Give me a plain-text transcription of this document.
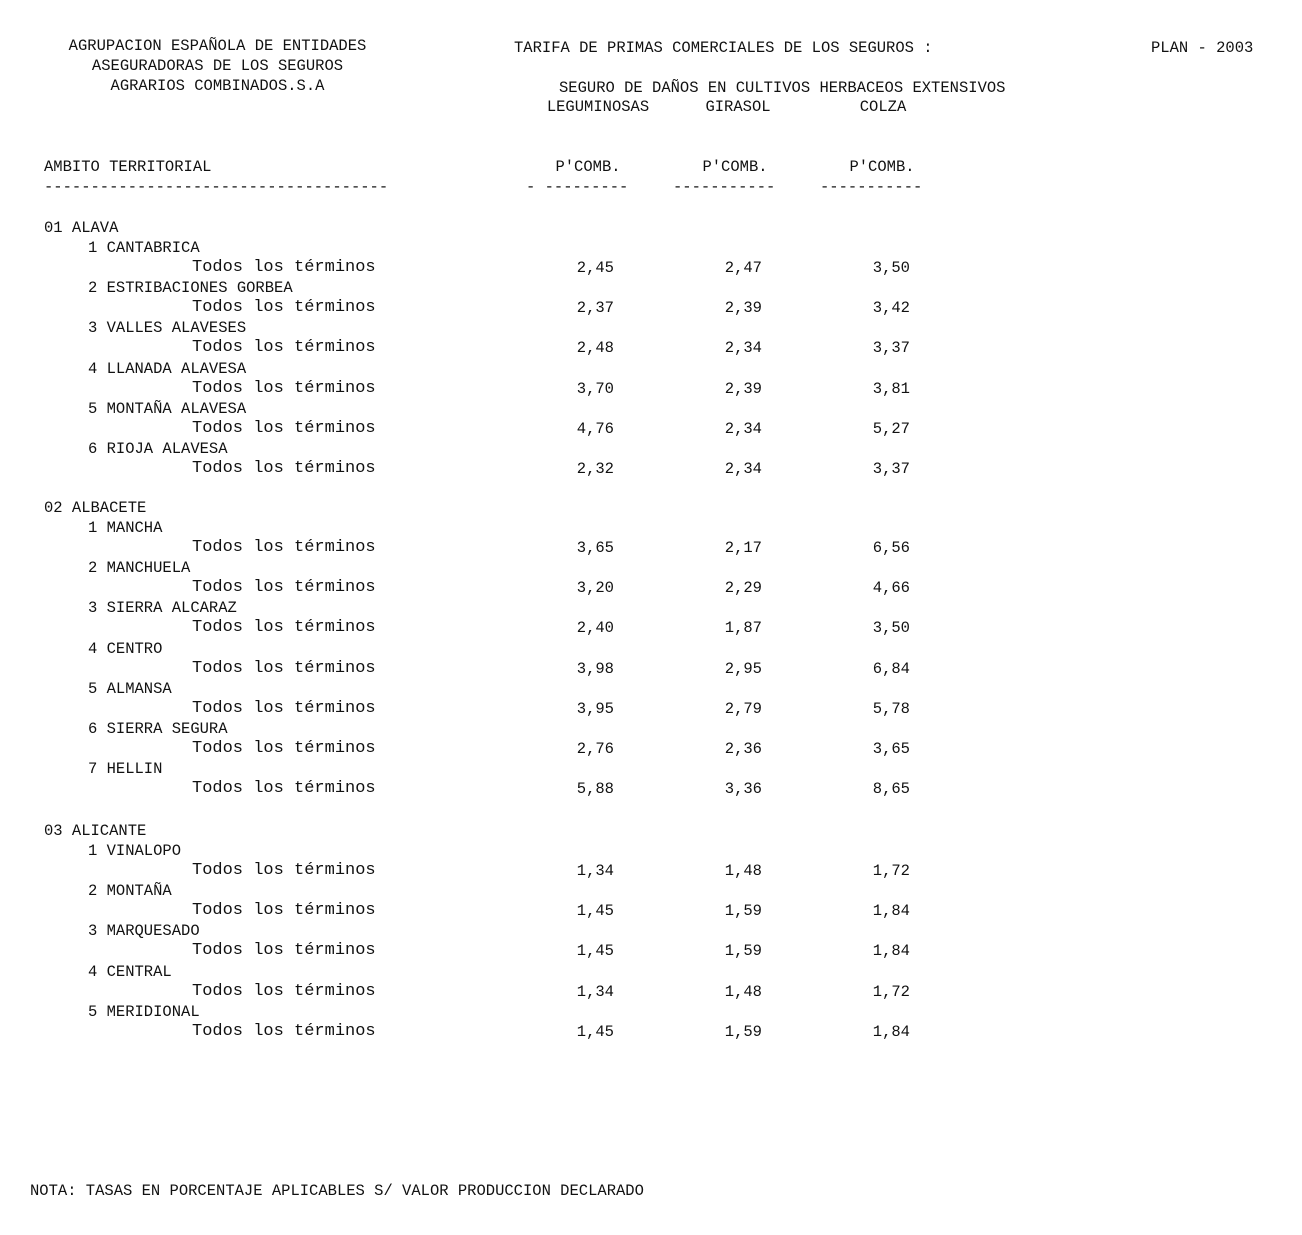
AGRUPACION ESPAÑOLA DE ENTIDADES
ASEGURADORAS DE LOS SEGUROS
AGRARIOS COMBINADOS.S.A
TARIFA DE PRIMAS COMERCIALES DE LOS SEGUROS :	PLAN - 2003
SEGURO DE DAÑOS EN CULTIVOS HERBACEOS EXTENSIVOS
LEGUMINOSAS	GIRASOL	COLZA
AMBITO TERRITORIAL	P'COMB.	P'COMB.	P'COMB.
-------------------------------------	- ---------	-----------	-----------
01 ALAVA
1 CANTABRICA
Todos los términos	2,45	2,47	3,50
2 ESTRIBACIONES GORBEA
Todos los términos	2,37	2,39	3,42
3 VALLES ALAVESES
Todos los términos	2,48	2,34	3,37
4 LLANADA ALAVESA
Todos los términos	3,70	2,39	3,81
5 MONTAÑA ALAVESA
Todos los términos	4,76	2,34	5,27
6 RIOJA ALAVESA
Todos los términos	2,32	2,34	3,37
02 ALBACETE
1 MANCHA
Todos los términos	3,65	2,17	6,56
2 MANCHUELA
Todos los términos	3,20	2,29	4,66
3 SIERRA ALCARAZ
Todos los términos	2,40	1,87	3,50
4 CENTRO
Todos los términos	3,98	2,95	6,84
5 ALMANSA
Todos los términos	3,95	2,79	5,78
6 SIERRA SEGURA
Todos los términos	2,76	2,36	3,65
7 HELLIN
Todos los términos	5,88	3,36	8,65
03 ALICANTE
1 VINALOPO
Todos los términos	1,34	1,48	1,72
2 MONTAÑA
Todos los términos	1,45	1,59	1,84
3 MARQUESADO
Todos los términos	1,45	1,59	1,84
4 CENTRAL
Todos los términos	1,34	1,48	1,72
5 MERIDIONAL
Todos los términos	1,45	1,59	1,84
NOTA: TASAS EN PORCENTAJE APLICABLES S/ VALOR PRODUCCION DECLARADO
